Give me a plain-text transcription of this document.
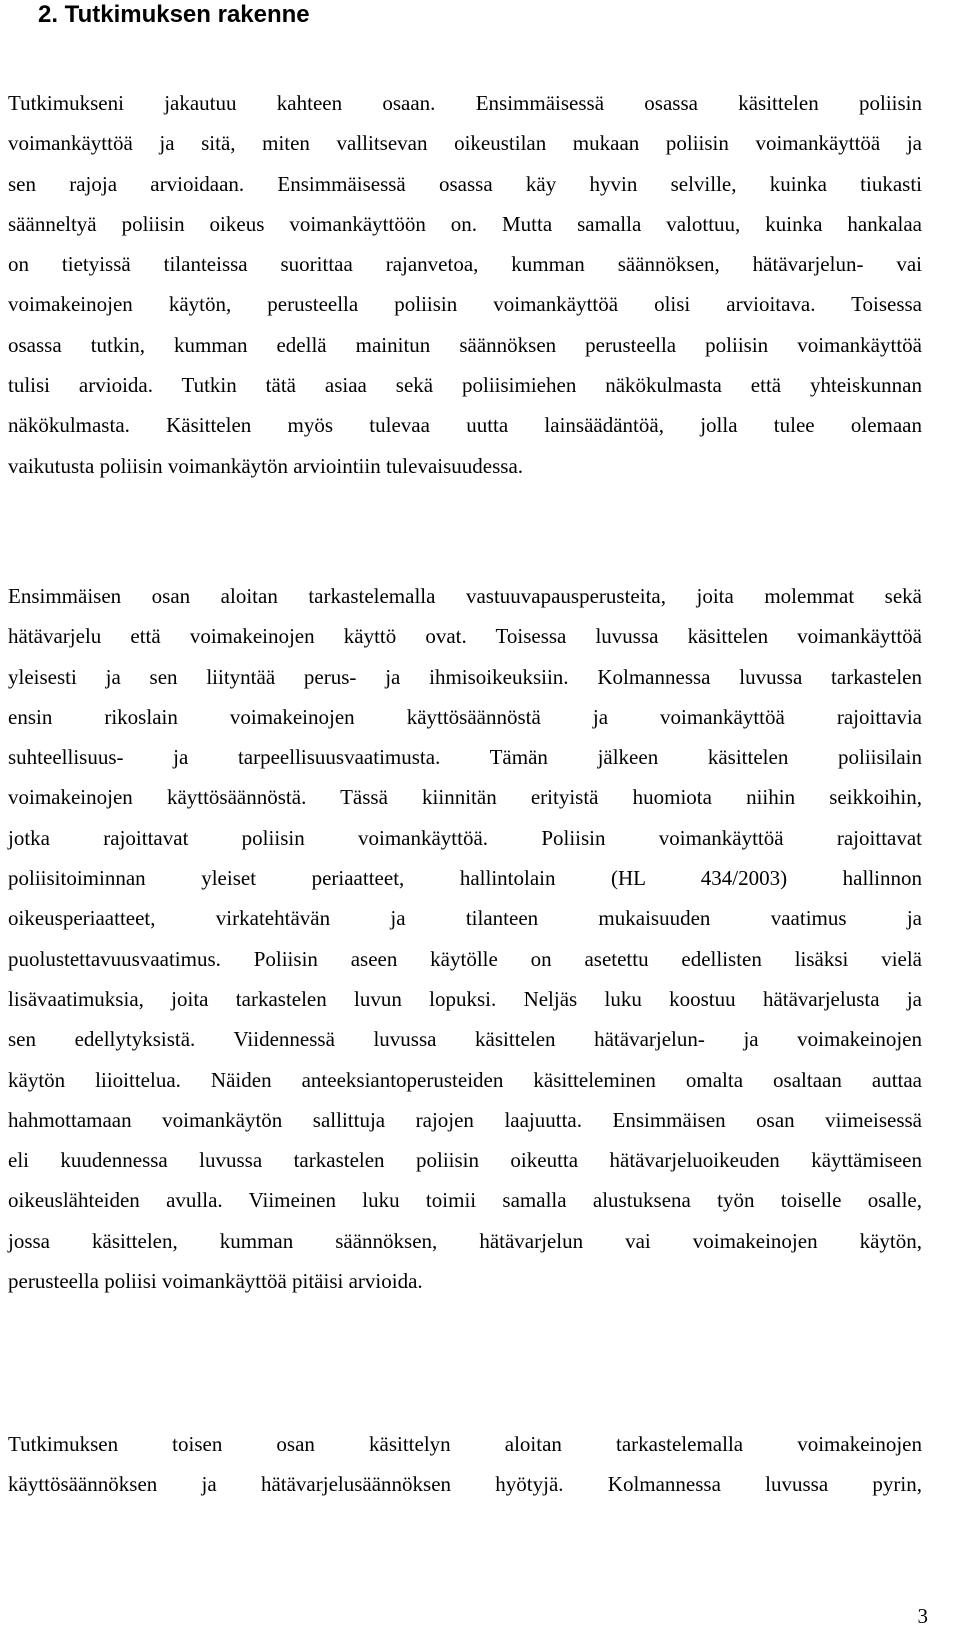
2. Tutkimuksen rakenne
Tutkimukseni jakautuu kahteen osaan. Ensimmäisessä osassa käsittelen poliisin
voimankäyttöä ja sitä, miten vallitsevan oikeustilan mukaan poliisin voimankäyttöä ja
sen rajoja arvioidaan. Ensimmäisessä osassa käy hyvin selville, kuinka tiukasti
säänneltyä poliisin oikeus voimankäyttöön on. Mutta samalla valottuu, kuinka hankalaa
on tietyissä tilanteissa suorittaa rajanvetoa, kumman säännöksen, hätävarjelun- vai
voimakeinojen käytön, perusteella poliisin voimankäyttöä olisi arvioitava. Toisessa
osassa tutkin, kumman edellä mainitun säännöksen perusteella poliisin voimankäyttöä
tulisi arvioida. Tutkin tätä asiaa sekä poliisimiehen näkökulmasta että yhteiskunnan
näkökulmasta. Käsittelen myös tulevaa uutta lainsäädäntöä, jolla tulee olemaan
vaikutusta poliisin voimankäytön arviointiin tulevaisuudessa.
Ensimmäisen osan aloitan tarkastelemalla vastuuvapausperusteita, joita molemmat sekä
hätävarjelu että voimakeinojen käyttö ovat. Toisessa luvussa käsittelen voimankäyttöä
yleisesti ja sen liityntää perus- ja ihmisoikeuksiin. Kolmannessa luvussa tarkastelen
ensin rikoslain voimakeinojen käyttösäännöstä ja voimankäyttöä rajoittavia
suhteellisuus- ja tarpeellisuusvaatimusta. Tämän jälkeen käsittelen poliisilain
voimakeinojen käyttösäännöstä. Tässä kiinnitän erityistä huomiota niihin seikkoihin,
jotka rajoittavat poliisin voimankäyttöä. Poliisin voimankäyttöä rajoittavat
poliisitoiminnan yleiset periaatteet, hallintolain (HL 434/2003) hallinnon
oikeusperiaatteet, virkatehtävän ja tilanteen mukaisuuden vaatimus ja
puolustettavuusvaatimus. Poliisin aseen käytölle on asetettu edellisten lisäksi vielä
lisävaatimuksia, joita tarkastelen luvun lopuksi. Neljäs luku koostuu hätävarjelusta ja
sen edellytyksistä. Viidennessä luvussa käsittelen hätävarjelun- ja voimakeinojen
käytön liioittelua. Näiden anteeksiantoperusteiden käsitteleminen omalta osaltaan auttaa
hahmottamaan voimankäytön sallittuja rajojen laajuutta. Ensimmäisen osan viimeisessä
eli kuudennessa luvussa tarkastelen poliisin oikeutta hätävarjeluoikeuden käyttämiseen
oikeuslähteiden avulla. Viimeinen luku toimii samalla alustuksena työn toiselle osalle,
jossa käsittelen, kumman säännöksen, hätävarjelun vai voimakeinojen käytön,
perusteella poliisi voimankäyttöä pitäisi arvioida.
Tutkimuksen toisen osan käsittelyn aloitan tarkastelemalla voimakeinojen
käyttösäännöksen ja hätävarjelusäännöksen hyötyjä. Kolmannessa luvussa pyrin,

3
